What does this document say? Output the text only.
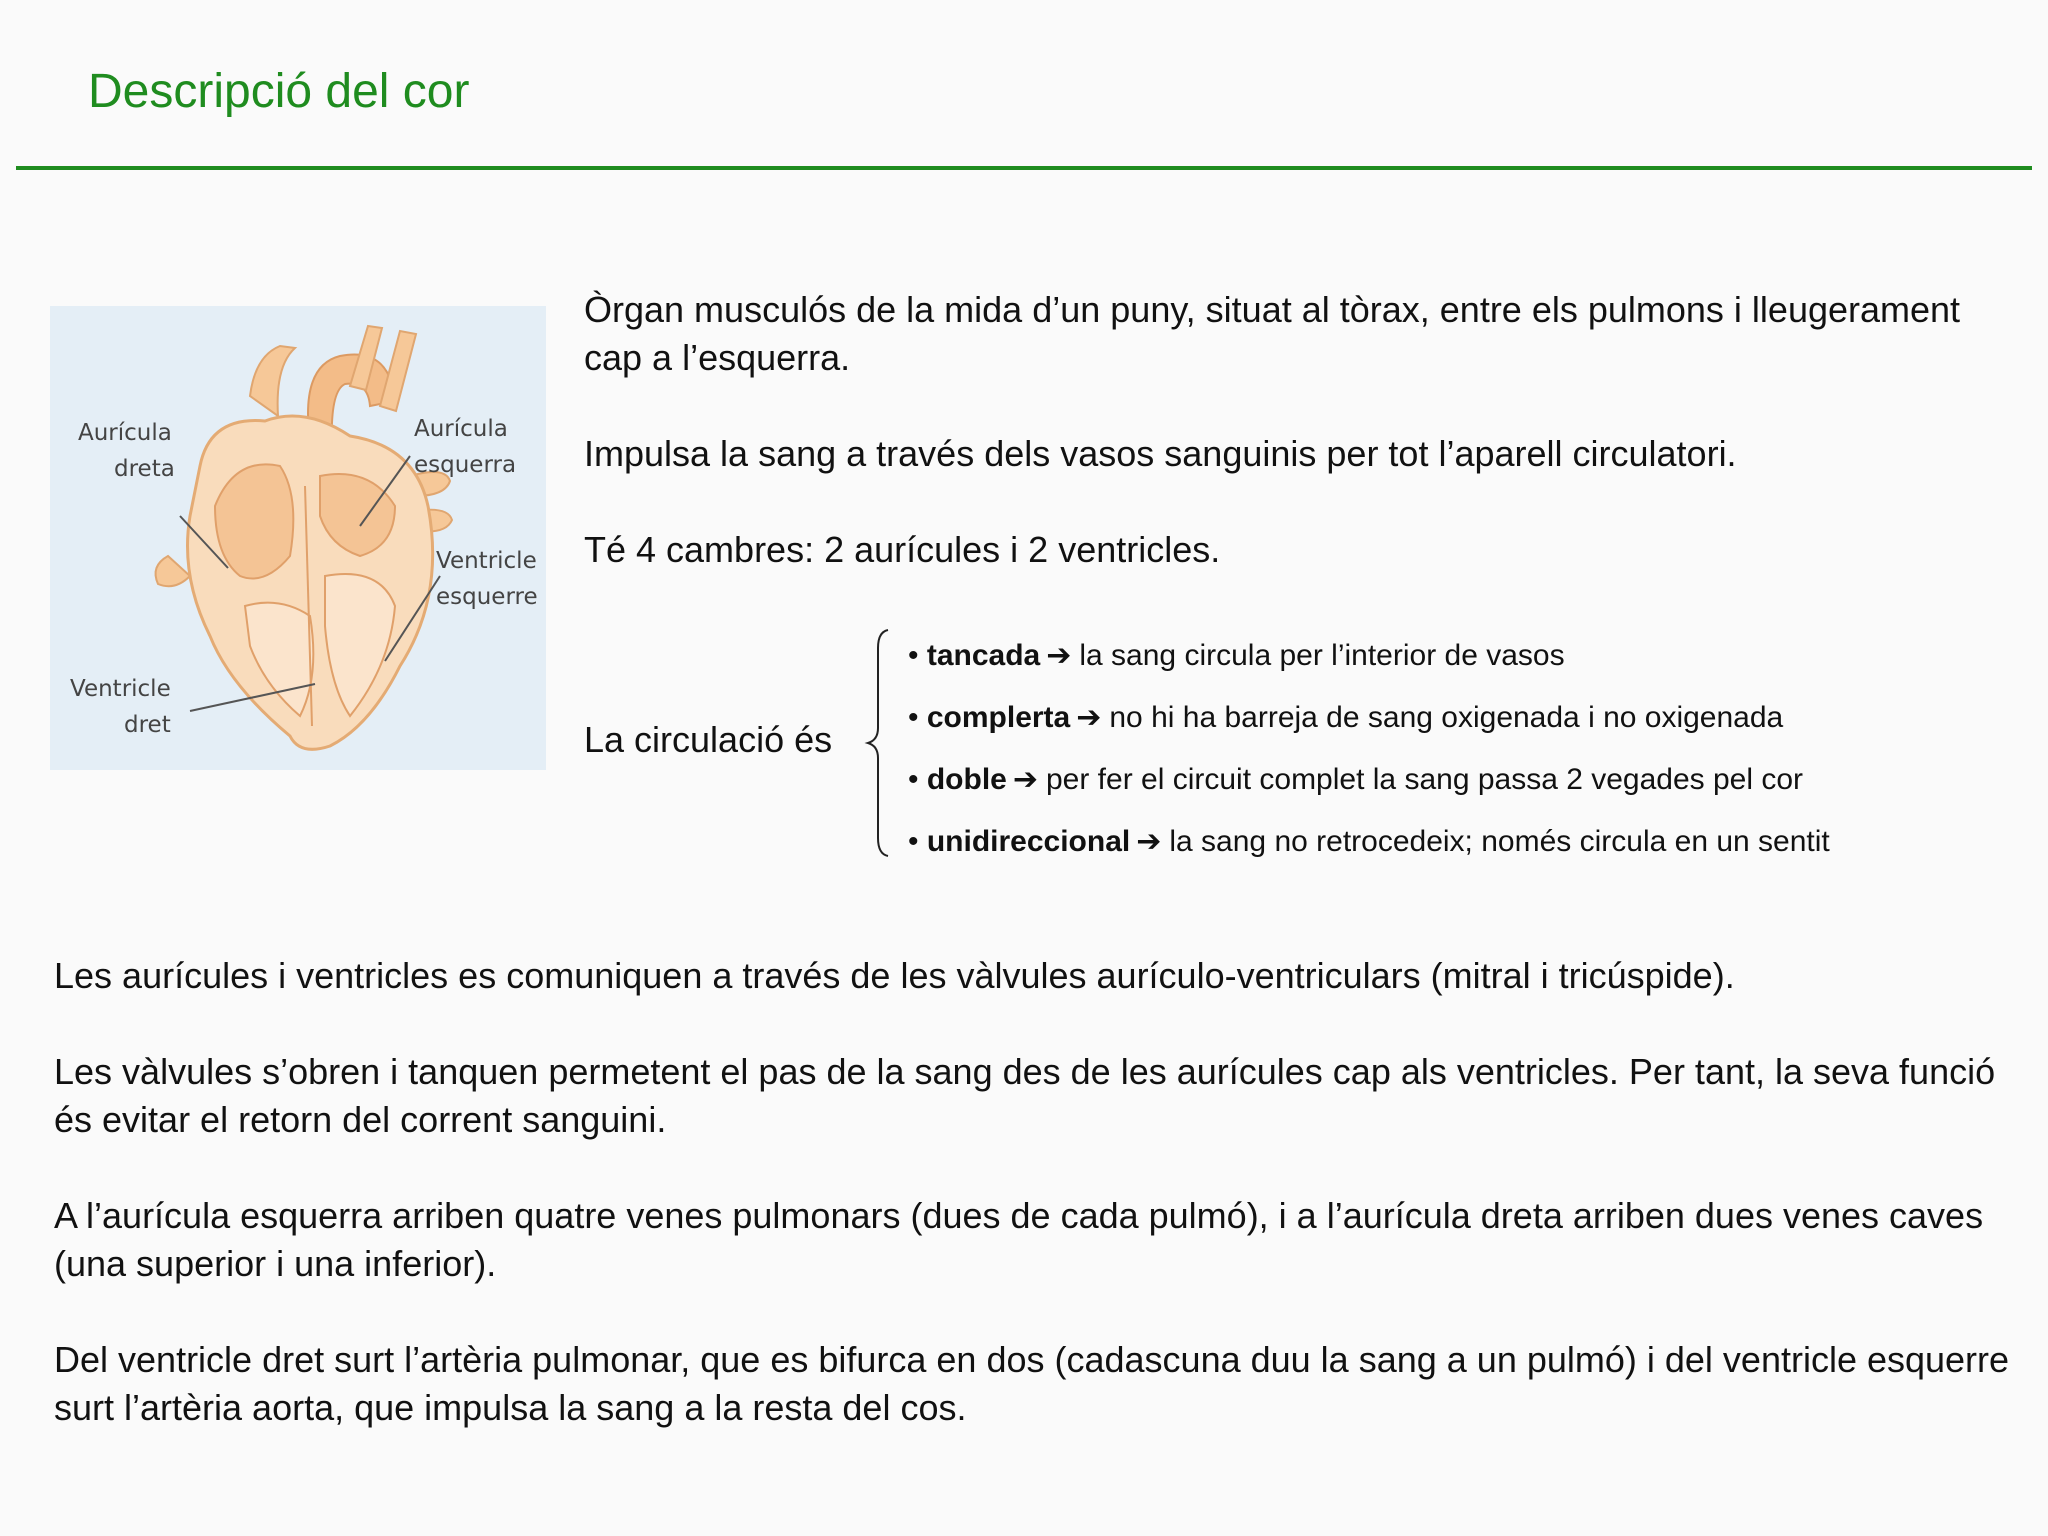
Descripció del cor
Aurícula
dreta
Aurícula
esquerra
Ventricle
esquerre
Ventricle
dret

Òrgan musculós de la mida d’un puny, situat al tòrax, entre els pulmons i lleugerament cap a l’esquerra.

Impulsa la sang a través dels vasos sanguinis per tot l’aparell circulatori.

Té 4 cambres: 2 aurícules i 2 ventricles.

La circulació és
• tancada ➔ la sang circula per l’interior de vasos
• complerta ➔ no hi ha barreja de sang oxigenada i no oxigenada
• doble ➔ per fer el circuit complet la sang passa 2 vegades pel cor
• unidireccional ➔ la sang no retrocedeix; només circula en un sentit

Les aurícules i ventricles es comuniquen a través de les vàlvules aurículo-ventriculars (mitral i tricúspide).

Les vàlvules s’obren i tanquen permetent el pas de la sang des de les aurícules cap als ventricles. Per tant, la seva funció és evitar el retorn del corrent sanguini.

A l’aurícula esquerra arriben quatre venes pulmonars (dues de cada pulmó), i a l’aurícula dreta arriben dues venes caves (una superior i una inferior).

Del ventricle dret surt l’artèria pulmonar, que es bifurca en dos (cadascuna duu la sang a un pulmó) i del ventricle esquerre surt l’artèria aorta, que impulsa la sang a la resta del cos.
